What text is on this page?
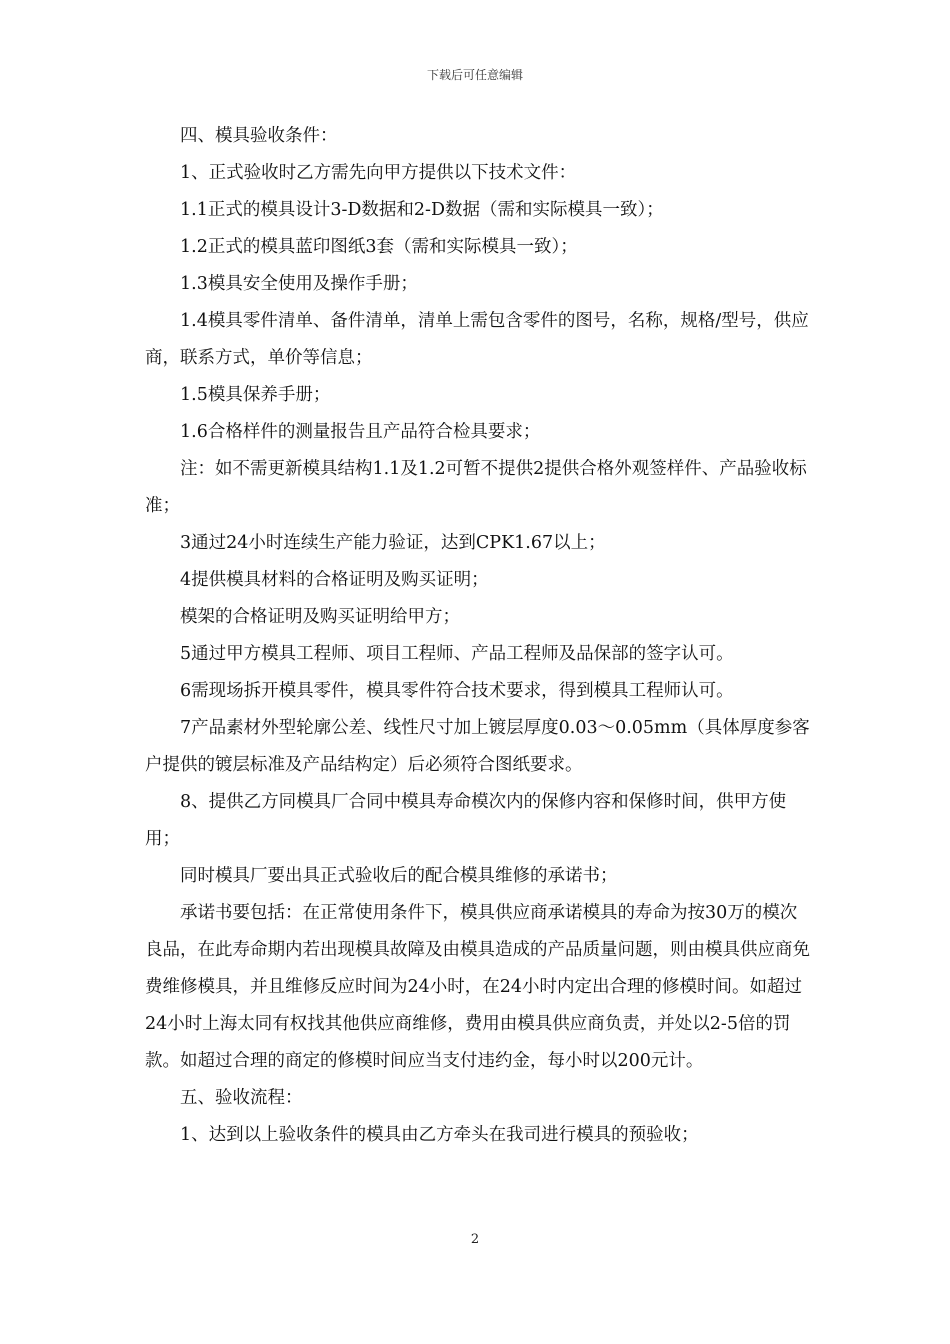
下载后可任意编辑

四、模具验收条件：

1、正式验收时乙方需先向甲方提供以下技术文件：

1.1正式的模具设计3-D数据和2-D数据（需和实际模具一致）；

1.2正式的模具蓝印图纸3套（需和实际模具一致）；

1.3模具安全使用及操作手册；

1.4模具零件清单、备件清单，清单上需包含零件的图号，名称，规格/型号，供应商，联系方式，单价等信息；

1.5模具保养手册；

1.6合格样件的测量报告且产品符合检具要求；

注：如不需更新模具结构1.1及1.2可暂不提供2提供合格外观签样件、产品验收标准；

3通过24小时连续生产能力验证，达到CPK1.67以上；

4提供模具材料的合格证明及购买证明；

模架的合格证明及购买证明给甲方；

5通过甲方模具工程师、项目工程师、产品工程师及品保部的签字认可。

6需现场拆开模具零件，模具零件符合技术要求，得到模具工程师认可。

7产品素材外型轮廓公差、线性尺寸加上镀层厚度0.03～0.05mm（具体厚度参客户提供的镀层标准及产品结构定）后必须符合图纸要求。

8、提供乙方同模具厂合同中模具寿命模次内的保修内容和保修时间，供甲方使用；

同时模具厂要出具正式验收后的配合模具维修的承诺书；

承诺书要包括：在正常使用条件下，模具供应商承诺模具的寿命为按30万的模次良品，在此寿命期内若出现模具故障及由模具造成的产品质量问题，则由模具供应商免费维修模具，并且维修反应时间为24小时，在24小时内定出合理的修模时间。如超过24小时上海太同有权找其他供应商维修，费用由模具供应商负责，并处以2-5倍的罚款。如超过合理的商定的修模时间应当支付违约金，每小时以200元计。

五、验收流程：

1、达到以上验收条件的模具由乙方牵头在我司进行模具的预验收；

2
